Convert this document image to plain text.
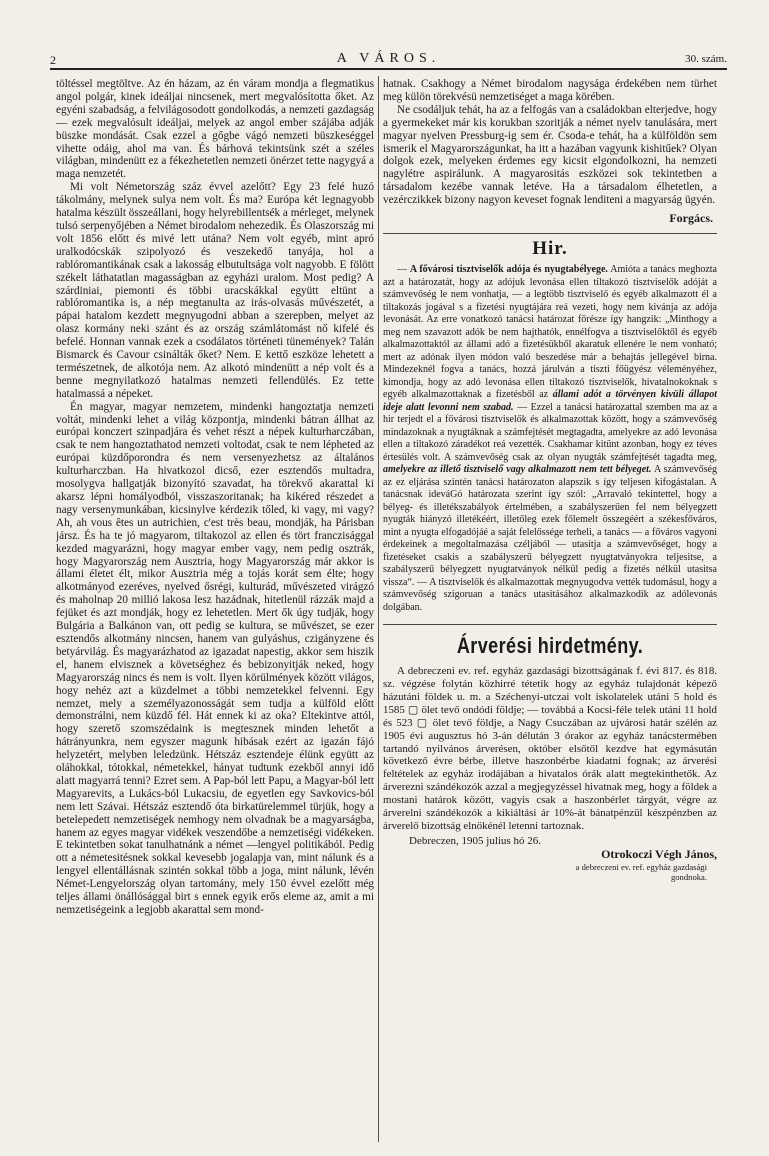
2	A VÁROS.	30. szám.

töltéssel megtöltve. Az én házam, az én váram mondja a flegmatikus angol polgár, kinek ideáljai nincsenek, mert megvalósította őket. Az egyéni szabadság, a felvilágosodott gondolkodás, a nemzeti gazdagság — ezek megvalósult ideáljai, melyek az angol ember szájába adják büszke mondását. Csak ezzel a gőgbe vágó nemzeti büszkeséggel vihette odáig, ahol ma van. És bárhová tekintsünk szét a széles világban, mindenütt ez a fékezhetetlen nemzeti önérzet tette nagygyá a maga nemzetét.

Mi volt Németország száz évvel azelőtt? Egy 23 felé huzó tákolmány, melynek sulya nem volt. És ma? Európa két legnagyobb hatalma készült összeállani, hogy helyrebillentsék a mérleget, melynek tulsó serpenyőjében a Német birodalom nehezedik. És Olaszország mi volt 1856 előtt és mivé lett utána? Nem volt egyéb, mint apró uralkodócskák szipolyozó és veszekedő tanyája, hol a rablóromantikának csak a lakosság elbutultsága volt nagyobb. E fölött székelt láthatatlan magasságban az egyházi uralom. Most pedig? A szárdiniai, piemonti és többi uracskákkal együtt eltünt a rablóromantika is, a nép megtanulta az irás-olvasás művészetét, a pápai hatalom kezdett megnyugodni abban a szerepben, melyet az olasz kormány neki szánt és az ország számlátomást nő kifelé és befelé. Honnan vannak ezek a csodálatos történeti tünemények? Talán Bismarck és Cavour csinálták őket? Nem. E kettő eszköze lehetett a természetnek, de alkotója nem. Az alkotó mindenütt a nép volt és a benne megnyilatkozó hatalmas nemzeti fellendülés. Ez tette hatalmassá a népeket.

Én magyar, magyar nemzetem, mindenki hangoztatja nemzeti voltát, mindenki lehet a világ központja, mindenki bátran állhat az európai konczert szinpadjára és vehet részt a népek kulturharczában, csak te nem hangoztathatod nemzeti voltodat, csak te nem lépheted az európai küzdőporondra és nem versenyezhetsz az általános kulturharczban. Ha hivatkozol dicső, ezer esztendős multadra, mosolygva hallgatják bizonyító szavadat, ha törekvő akarattal ki akarsz lépni homályodból, visszaszoritanak; ha kikéred részedet a nagy versenymunkában, kicsinylve kérdezik tőled, ki vagy, mi vagy? Ah, ah vous êtes un autrichien, c'est très beau, mondják, ha Párisban jársz. És ha te jó magyarom, tiltakozol az ellen és tört franczisággal kezded magyarázni, hogy magyar ember vagy, nem pedig osztrák, hogy Magyarország nem Ausztria, hogy Magyarország már akkor is állami életet élt, mikor Ausztria még a tojás korát sem élte; hogy alkotmányod ezeréves, nyelved ősrégi, kulturád, művészeted virágzó és maholnap 20 millió lakosa lesz hazádnak, hitetlenül rázzák majd a fejüket és azt mondják, hogy ez lehetetlen. Mert ők úgy tudják, hogy Bulgária a Balkánon van, ott pedig se kultura, se művészet, se ezer esztendős alkotmány nincsen, hanem van gulyáshus, czigányzene és betyárvilág. És magyarázhatod az igazadat napestig, akkor sem hiszik el, hanem elvisznek a követséghez és bebizonyitják neked, hogy Magyarország nincs és nem is volt. Ilyen körülmények között világos, hogy nehéz azt a küzdelmet a többi nemzetekkel felvenni. Egy nemzet, mely a személyazonosságát sem tudja a külföld előtt demonstrálni, nem küzdő fél. Hát ennek ki az oka? Eltekintve attól, hogy szerető szomszédaink is megtesznek minden lehetőt a hátrányunkra, nem egyszer magunk hibásak ezért az igazán fájó helyzetért, melyben leledzünk. Hétszáz esztendeje élünk együtt az oláhokkal, tótokkal, németekkel, hányat tudtunk ezekből annyi idő alatt magyarrá tenni? Ezret sem. A Pap-ból lett Papu, a Magyar-ból lett Magyarevits, a Lukács-ból Lukacsiu, de egyetlen egy Savkovics-ból nem lett Szávai. Hétszáz esztendő óta birkatürelemmel türjük, hogy a betelepedett nemzetiségek nemhogy nem olvadnak be a magyarságba, hanem az egyes magyar vidékek veszendőbe a nemzetiségi vidékeken. E tekintetben sokat tanulhatnánk a német —lengyel politikából. Pedig ott a németesitésnek sokkal kevesebb jogalapja van, mint nálunk és a lengyel ellentállásnak szintén sokkal több a joga, mint nálunk, lévén Német-Lengyelország olyan tartomány, mely 150 évvel ezelőtt még teljes állami önállósággal birt s ennek egyik erős eleme az, amit a mi nemzetiségeink a legjobb akarattal sem mond-

hatnak. Csakhogy a Német birodalom nagysága érdekében nem türhet meg külön törekvésü nemzetiséget a maga körében.

Ne csodáljuk tehát, ha az a felfogás van a családokban elterjedve, hogy a gyermekeket már kis korukban szoritják a német nyelv tanulására, mert magyar nyelven Pressburg-ig sem ér. Csoda-e tehát, ha a külföldön sem ismerik el Magyarországunkat, ha itt a hazában vagyunk kishitűek? Olyan dolgok ezek, melyeken érdemes egy kicsit elgondolkozni, ha nemzeti nagylétre aspirálunk. A magyarositás eszközei sok tekintetben a társadalom kezébe vannak letéve. Ha a társadalom élhetetlen, a vezérczikkek bizony nagyon keveset fognak lenditeni a magyarság ügyén.

Forgács.
Hir.

— A fővárosi tisztviselők adója és nyugtabélyege. Amióta a tanács meghozta azt a határozatát, hogy az adójuk levonása ellen tiltakozó tisztviselők adóját a számvevőség le nem vonhatja, — a legtöbb tisztviselő és egyéb alkalmazott él a tiltakozás jogával s a fizetési nyugtájára reá vezeti, hogy nem kivánja az adója levonását. Az erre vonatkozó tanácsi határozat főrésze így hangzik: „Minthogy a meg nem szavazott adók be nem hajthatók, ennélfogva a tisztviselőktől és egyéb alkalmazottaktól az állami adó a fizetésükből akaratuk ellenére le nem vonható; mert az adónak ilyen módon való beszedése már a behajtás jellegével birna. Mindezeknél fogva a tanács, hozzá járulván a tiszti főügyész véleményéhez, kimondja, hogy az adó levonása ellen tiltakozó tisztviselők, hivatalnokoknak s egyéb alkalmazottaknak a fizetésből az állami adót a törvényen kivüli állapot ideje alatt levonni nem szabad. — Ezzel a tanácsi határozattal szemben ma az a hir terjedt el a fővárosi tisztviselők és alkalmazottak között, hogy a számvevőség mindazoknak a nyugtáknak a számfejtését megtagadta, amelyekre az adó levonása ellen a tiltakozó záradékot reá vezették. Csakhamar kitünt azonban, hogy ez téves értesülés volt. A számvevőség csak az olyan nyugták számfejtését tagadta meg, amelyekre az illető tisztviselő vagy alkalmazott nem tett bélyeget. A számvevőség az ez eljárása szintén tanácsi határozaton alapszik s így teljesen kifogástalan. A tanácsnak ideváGó határozata szerint így szól: „Arravaló tekintettel, hogy a bélyeg- és illetékszabályok értelmében, a szabályszerűen fel nem bélyegzett nyugták hiányzó illetékéért, illetőleg ezek főlemelt összegéért a székesfőváros, mint a nyugta elfogadójáé a saját felelőssége terheli, a tanács — a főváros vagyoni érdekeinek a megoltalmazása czéljából — utasítja a számvevőséget, hogy a fizetéseket csakis a szabályszerű bélyegzett nyugtatványokra teljesitse, a szabályszerű bélyegzett nyugtatványok nélkül pedig a fizetés nélkül utasitsa vissza“. — A tisztviselők és alkalmazottak megnyugodva vették tudomásul, hogy a számvevőség szigoruan a tanács utasitásához alkalmazkodik az adólevonás dolgában.

Árverési hirdetmény.

A debreczeni ev. ref. egyház gazdasági bizottságának f. évi 817. és 818. sz. végzése folytán közhirré tétetik hogy az egyház tulajdonát képező házutáni földek u. m. a Széchenyi-utczai volt iskolatelek utáni 5 hold és 1585 ▢ ölet tevő ondódi földje; — továbbá a Kocsi-féle telek utáni 11 hold és 523 ▢ ölet tevő földje, a Nagy Csuczában az ujvárosi határ szélén az 1905 évi augusztus hó 3-án délután 3 órakor az egyház tanácstermében tartandó nyilvános árverésen, október elsőtől kezdve hat egymásután következő évre bérbe, illetve haszonbérbe kiadatni fognak; az árverési feltételek az egyház irodájában a hivatalos órák alatt megtekinthetők. Az árverezni szándékozók azzal a megjegyzéssel hivatnak meg, hogy a földek a mostani határok között, vagyis csak a haszonbérlet tárgyát, végre az árverelni szándékozók a kikiáltási ár 10%-át bánatpénzül készpénzben az árverelő bizottság elnökénél letenni tartoznak.

Debreczen, 1905 julius hó 26.
Otrokoczi Végh János,
a debreczeni ev. ref. egyház gazdasági
gondnoka.
